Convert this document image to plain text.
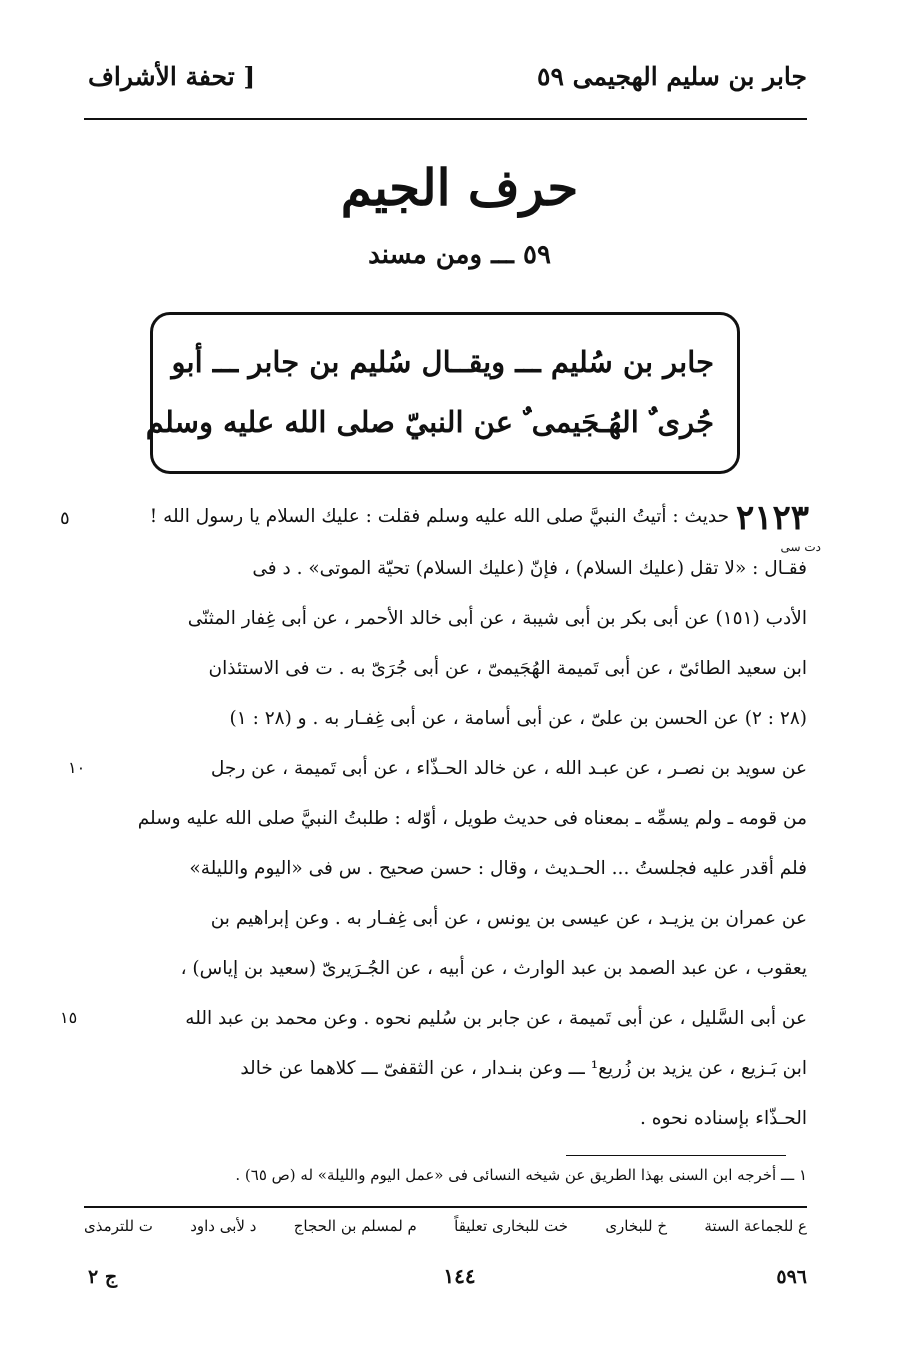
[ تحفة الأشراف	جابر بن سليم الهجيمى ٥٩
حرف الجيم
٥٩ ـــ ومن مسند
جابر بن سُليم ـــ ويقــال سُليم بن جابر ـــ أبو
جُرى ٌ الهُـجَيمى ٌ عن النبيّ صلى الله عليه وسلم
٢١٢٣
دت سى
٥
١٠
١٥
حديث : أتيتُ النبيَّ صلى الله عليه وسلم فقلت : عليك السلام يا رسول الله !
فقـال : «لا تقل (عليك السلام) ، فإنّ (عليك السلام) تحيّة الموتى» . د فى
الأدب (١٥١) عن أبى بكر بن أبى شيبة ، عن أبى خالد الأحمر ، عن أبى غِفار المثنّى
ابن سعيد الطائىّ ، عن أبى تَميمة الهُجَيمىّ ، عن أبى جُرَىّ به . ت فى الاستئذان
(٢٨ : ٢) عن الحسن بن علىّ ، عن أبى أسامة ، عن أبى غِفـار به . و (٢٨ : ١)
عن سويد بن نصـر ، عن عبـد الله ، عن خالد الحـذّاء ، عن أبى تَميمة ، عن رجل
من قومه ـ ولم يسمِّه ـ بمعناه فى حديث طويل ، أوّله : طلبتُ النبيَّ صلى الله عليه وسلم
فلم أقدر عليه فجلستُ ... الحـديث ، وقال : حسن صحيح . س فى «اليوم والليلة»
عن عمران بن يزيـد ، عن عيسى بن يونس ، عن أبى غِفـار به . وعن إبراهيم بن
يعقوب ، عن عبد الصمد بن عبد الوارث ، عن أبيه ، عن الجُـرَيرىّ (سعيد بن إياس) ،
عن أبى السَّليل ، عن أبى تَميمة ، عن جابر بن سُليم نحوه . وعن محمد بن عبد الله
ابن بَـزيع ، عن يزيد بن زُريع¹ ـــ وعن بنـدار ، عن الثقفىّ ـــ كلاهما عن خالد
الحـذّاء بإسناده نحوه .
١ ـــ أخرجه ابن السنى بهذا الطريق عن شيخه النسائى فى «عمل اليوم والليلة» له (ص ٦٥) .
ع للجماعة الستة
خ للبخارى
خت للبخارى تعليقاً
م لمسلم بن الحجاج
د لأبى داود
ت للترمذى
ج ٢	١٤٤	٥٩٦
